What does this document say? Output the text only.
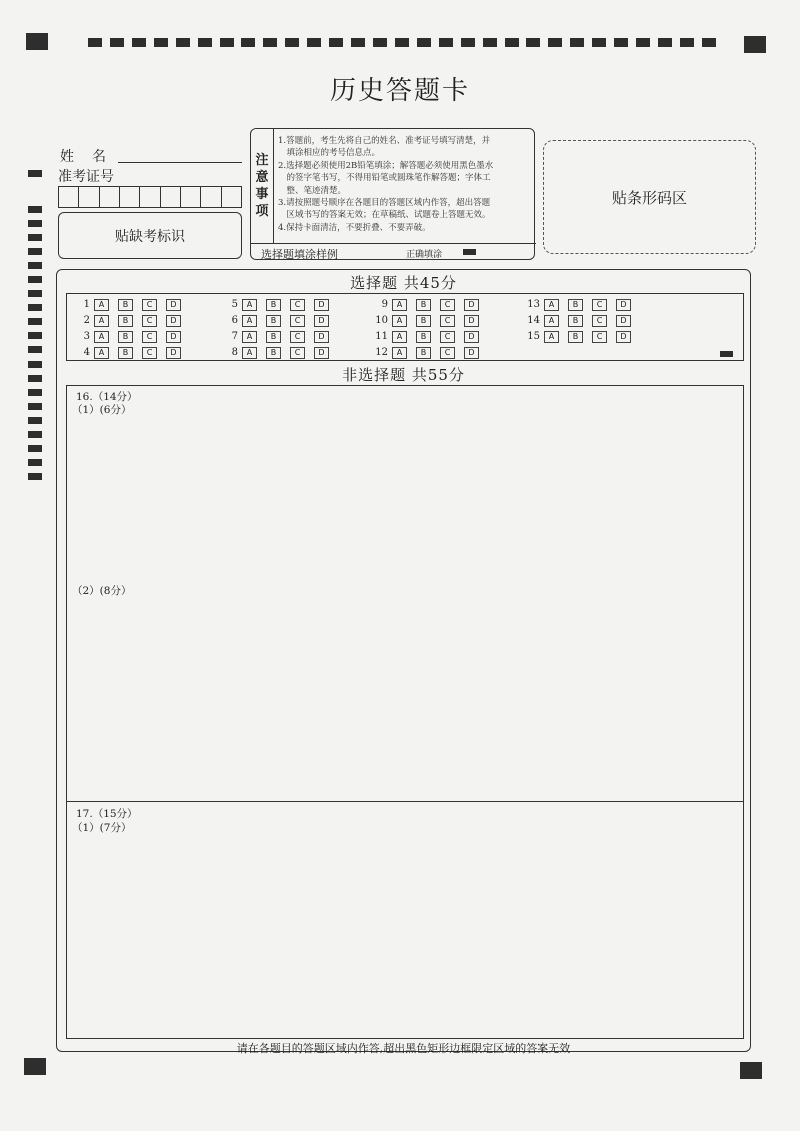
历史答题卡
姓　名
准考证号
贴缺考标识
注
意
事
项
1.答题前，考生先将自己的姓名、准考证号填写清楚，并
　填涂相应的考号信息点。
2.选择题必须使用2B铅笔填涂；解答题必须使用黑色墨水
　的签字笔书写，不得用铅笔或圆珠笔作解答题；字体工
　整、笔迹清楚。
3.请按照题号顺序在各题目的答题区域内作答，超出答题
　区域书写的答案无效；在草稿纸、试题卷上答题无效。
4.保持卡面清洁，不要折叠、不要弄破。
选择题填涂样例	正确填涂
贴条形码区
选择题 共45分
1	A	B	C	D
2	A	B	C	D
3	A	B	C	D
4	A	B	C	D
5	A	B	C	D
6	A	B	C	D
7	A	B	C	D
8	A	B	C	D
9	A	B	C	D
10	A	B	C	D
11	A	B	C	D
12	A	B	C	D
13	A	B	C	D
14	A	B	C	D
15	A	B	C	D
非选择题 共55分
16.（14分）
（1）(6分）
（2）(8分）
17.（15分）
（1）(7分）
请在各题目的答题区域内作答,超出黑色矩形边框限定区域的答案无效
